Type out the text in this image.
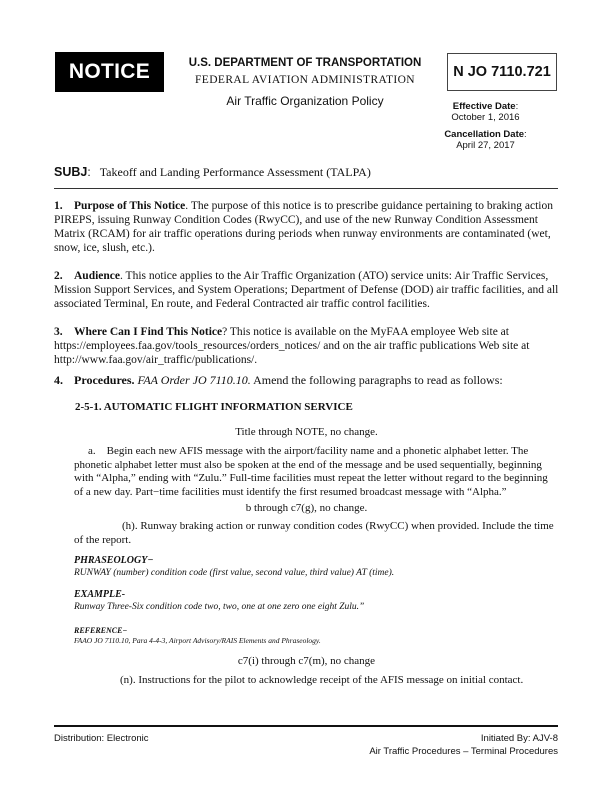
NOTICE	U.S. DEPARTMENT OF TRANSPORTATION
FEDERAL AVIATION ADMINISTRATION
Air Traffic Organization Policy
N JO 7110.721
Effective Date:
October 1, 2016
Cancellation Date:
April 27, 2017
SUBJ: Takeoff and Landing Performance Assessment (TALPA)
1. Purpose of This Notice. The purpose of this notice is to prescribe guidance pertaining to braking action PIREPS, issuing Runway Condition Codes (RwyCC), and use of the new Runway Condition Assessment Matrix (RCAM) for air traffic operations during periods when runway environments are contaminated (wet, snow, ice, slush, etc.).
2. Audience. This notice applies to the Air Traffic Organization (ATO) service units: Air Traffic Services, Mission Support Services, and System Operations; Department of Defense (DOD) air traffic facilities, and all associated Terminal, En route, and Federal Contracted air traffic control facilities.
3. Where Can I Find This Notice? This notice is available on the MyFAA employee Web site at https://employees.faa.gov/tools_resources/orders_notices/ and on the air traffic publications Web site at http://www.faa.gov/air_traffic/publications/.
4. Procedures. FAA Order JO 7110.10. Amend the following paragraphs to read as follows:
2-5-1. AUTOMATIC FLIGHT INFORMATION SERVICE
Title through NOTE, no change.
a. Begin each new AFIS message with the airport/facility name and a phonetic alphabet letter. The phonetic alphabet letter must also be spoken at the end of the message and be used sequentially, beginning with “Alpha,” ending with “Zulu.” Full-time facilities must repeat the letter without regard to the beginning of a new day. Part−time facilities must identify the first resumed broadcast message with “Alpha.”
b through c7(g), no change.
(h). Runway braking action or runway condition codes (RwyCC) when provided. Include the time of the report.
PHRASEOLOGY−
RUNWAY (number) condition code (first value, second value, third value) AT (time).
EXAMPLE-
Runway Three-Six condition code two, two, one at one zero one eight Zulu.”
REFERENCE−
FAAO JO 7110.10, Para 4-4-3, Airport Advisory/RAIS Elements and Phraseology.
c7(i) through c7(m), no change
(n). Instructions for the pilot to acknowledge receipt of the AFIS message on initial contact.
Distribution: Electronic	Initiated By: AJV-8
Air Traffic Procedures – Terminal Procedures
